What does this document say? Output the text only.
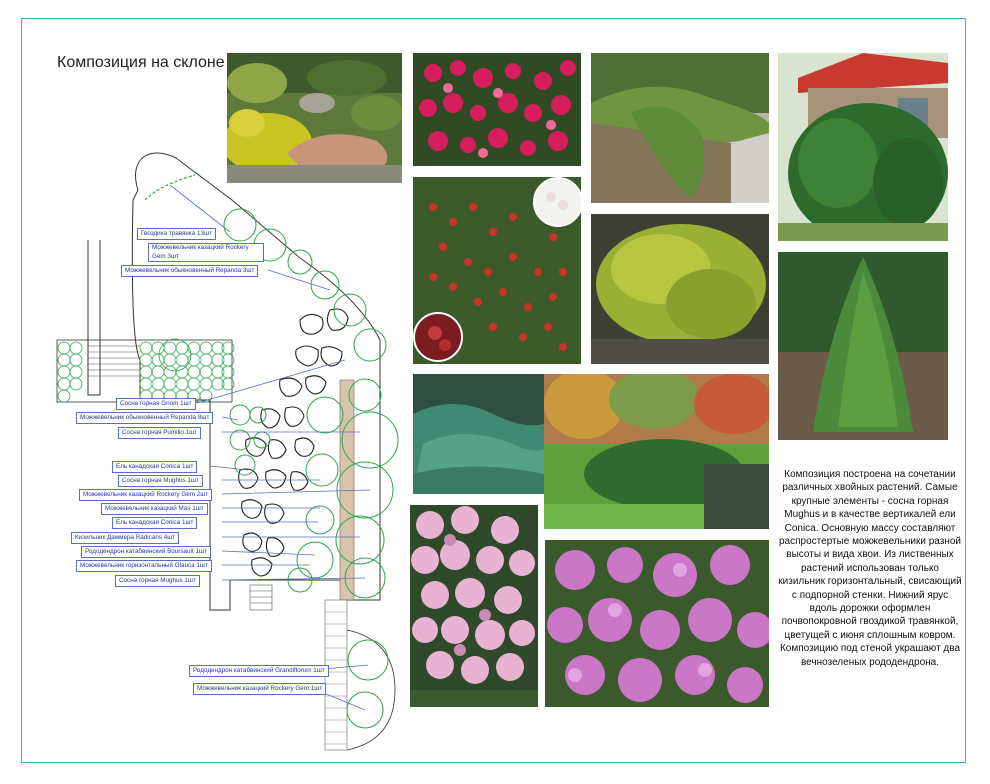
Композиция на склоне
Гвоздика травянка 13шт
Можжевельник казацкий Rockery Gem 3шт
Можжевельник обыкновенный Repanda 3шт
Сосна горная Gnom 1шт
Можжевельник обыкновенный Repanda 8шт
Сосна горная Pumilio 1шт
Ель канадская Conica 1шт
Сосна горная Mughus 1шт
Можжевельник казацкий Rockery Gem 2шт
Можжевельник казацкий Mas 1шт
Ель канадская Conica 1шт
Кизильник Даммера Radicans 4шт
Рододендрон катабвинский Boursault 1шт
Можжевельник горизонтальный Glauca 1шт
Сосна горная Mughus 1шт
Рододендрон катабвинский Grandiflorum 1шт
Можжевельник казацкий Rockery Gem 1шт
Композиция построена на сочетании различных хвойных растений. Самые крупные элементы - сосна горная Mughus и в качестве вертикалей ели Conica. Основную массу составляют распростертые можжевельники разной высоты и вида хвои. Из лиственных растений использован только кизильник горизонтальный, свисающий с подпорной стенки. Нижний ярус вдоль дорожки оформлен почвопокровной гвоздикой травянкой, цветущей с июня сплошным ковром. Композицию под стеной украшают два вечнозеленых рододендрона.
